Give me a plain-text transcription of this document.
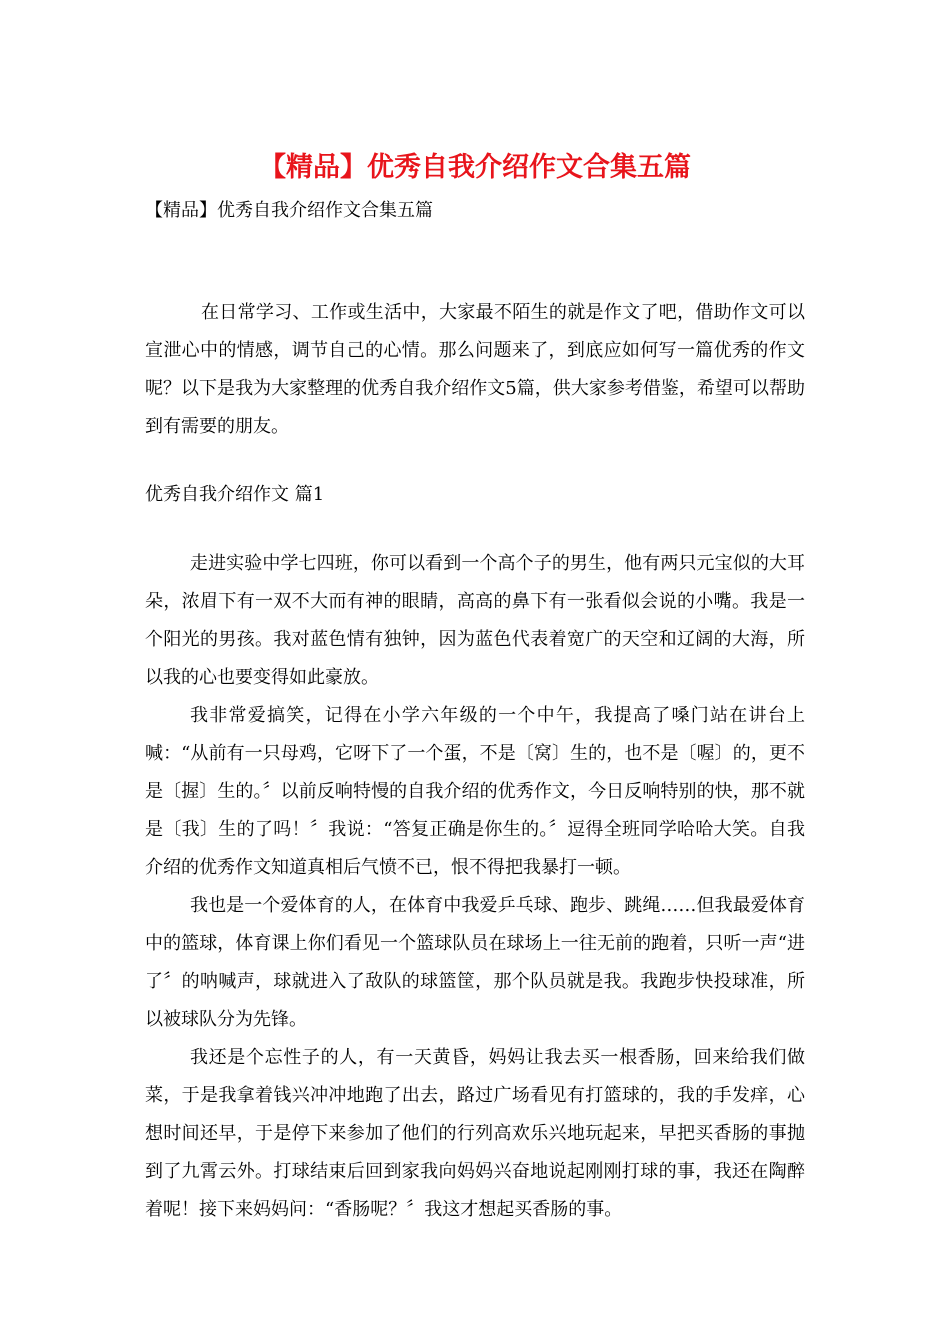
【精品】优秀自我介绍作文合集五篇
【精品】优秀自我介绍作文合集五篇

在日常学习、工作或生活中，大家最不陌生的就是作文了吧，借助作文可以宣泄心中的情感，调节自己的心情。那么问题来了，到底应如何写一篇优秀的作文呢？以下是我为大家整理的优秀自我介绍作文5篇，供大家参考借鉴，希望可以帮助到有需要的朋友。

优秀自我介绍作文 篇1

走进实验中学七四班，你可以看到一个高个子的男生，他有两只元宝似的大耳朵，浓眉下有一双不大而有神的眼睛，高高的鼻下有一张看似会说的小嘴。我是一个阳光的男孩。我对蓝色情有独钟，因为蓝色代表着宽广的天空和辽阔的大海，所以我的心也要变得如此豪放。

我非常爱搞笑，记得在小学六年级的一个中午，我提高了嗓门站在讲台上喊：“从前有一只母鸡，它呀下了一个蛋，不是〔窝〕生的，也不是〔喔〕的，更不是〔握〕生的。〞以前反响特慢的自我介绍的优秀作文，今日反响特别的快，那不就是〔我〕生的了吗！〞我说：“答复正确是你生的。〞逗得全班同学哈哈大笑。自我介绍的优秀作文知道真相后气愤不已，恨不得把我暴打一顿。

我也是一个爱体育的人，在体育中我爱乒乓球、跑步、跳绳……但我最爱体育中的篮球，体育课上你们看见一个篮球队员在球场上一往无前的跑着，只听一声“进了〞的呐喊声，球就进入了敌队的球篮筐，那个队员就是我。我跑步快投球准，所以被球队分为先锋。

我还是个忘性子的人，有一天黄昏，妈妈让我去买一根香肠，回来给我们做菜，于是我拿着钱兴冲冲地跑了出去，路过广场看见有打篮球的，我的手发痒，心想时间还早，于是停下来参加了他们的行列高欢乐兴地玩起来，早把买香肠的事抛到了九霄云外。打球结束后回到家我向妈妈兴奋地说起刚刚打球的事，我还在陶醉着呢！接下来妈妈问：“香肠呢？〞我这才想起买香肠的事。
